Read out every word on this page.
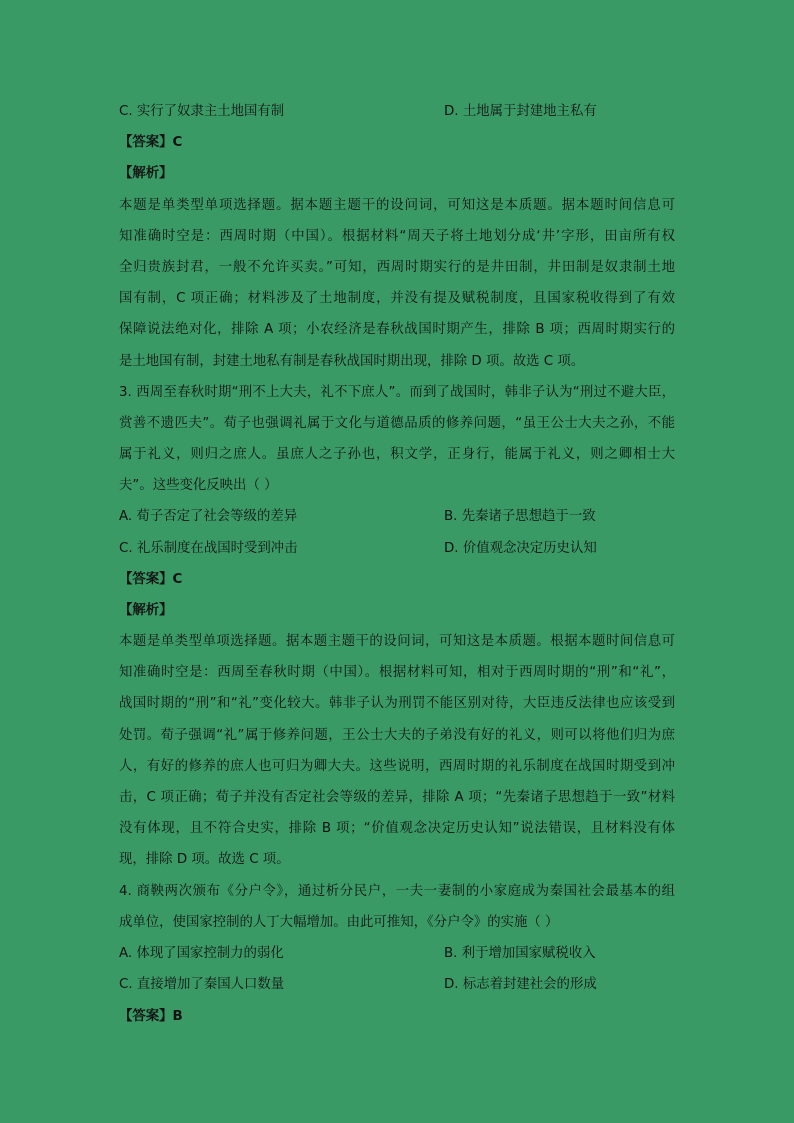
C. 实行了奴隶主土地国有制	D. 土地属于封建地主私有
【答案】C
【解析】
本题是单类型单项选择题。据本题主题干的设问词，可知这是本质题。据本题时间信息可
知准确时空是：西周时期（中国）。根据材料“周天子将土地划分成‘井’字形，田亩所有权
全归贵族封君，一般不允许买卖。”可知，西周时期实行的是井田制，井田制是奴隶制土地
国有制，C 项正确；材料涉及了土地制度，并没有提及赋税制度，且国家税收得到了有效
保障说法绝对化，排除 A 项；小农经济是春秋战国时期产生，排除 B 项；西周时期实行的
是土地国有制，封建土地私有制是春秋战国时期出现，排除 D 项。故选 C 项。
3. 西周至春秋时期“刑不上大夫，礼不下庶人”。而到了战国时，韩非子认为“刑过不避大臣，
赏善不遗匹夫”。荀子也强调礼属于文化与道德品质的修养问题，“虽王公士大夫之孙，不能
属于礼义，则归之庶人。虽庶人之子孙也，积文学，正身行，能属于礼义，则之卿相士大
夫”。这些变化反映出（ ）
A. 荀子否定了社会等级的差异	B. 先秦诸子思想趋于一致
C. 礼乐制度在战国时受到冲击	D. 价值观念决定历史认知
【答案】C
【解析】
本题是单类型单项选择题。据本题主题干的设问词，可知这是本质题。根据本题时间信息可
知准确时空是：西周至春秋时期（中国）。根据材料可知，相对于西周时期的“刑”和“礼”，
战国时期的“刑”和“礼”变化较大。韩非子认为刑罚不能区别对待，大臣违反法律也应该受到
处罚。荀子强调“礼”属于修养问题，王公士大夫的子弟没有好的礼义，则可以将他们归为庶
人，有好的修养的庶人也可归为卿大夫。这些说明，西周时期的礼乐制度在战国时期受到冲
击，C 项正确；荀子并没有否定社会等级的差异，排除 A 项；“先秦诸子思想趋于一致”材料
没有体现，且不符合史实，排除 B 项；“价值观念决定历史认知”说法错误，且材料没有体
现，排除 D 项。故选 C 项。
4. 商鞅两次颁布《分户令》，通过析分民户，一夫一妻制的小家庭成为秦国社会最基本的组
成单位，使国家控制的人丁大幅增加。由此可推知，《分户令》的实施（ ）
A. 体现了国家控制力的弱化	B. 利于增加国家赋税收入
C. 直接增加了秦国人口数量	D. 标志着封建社会的形成
【答案】B
